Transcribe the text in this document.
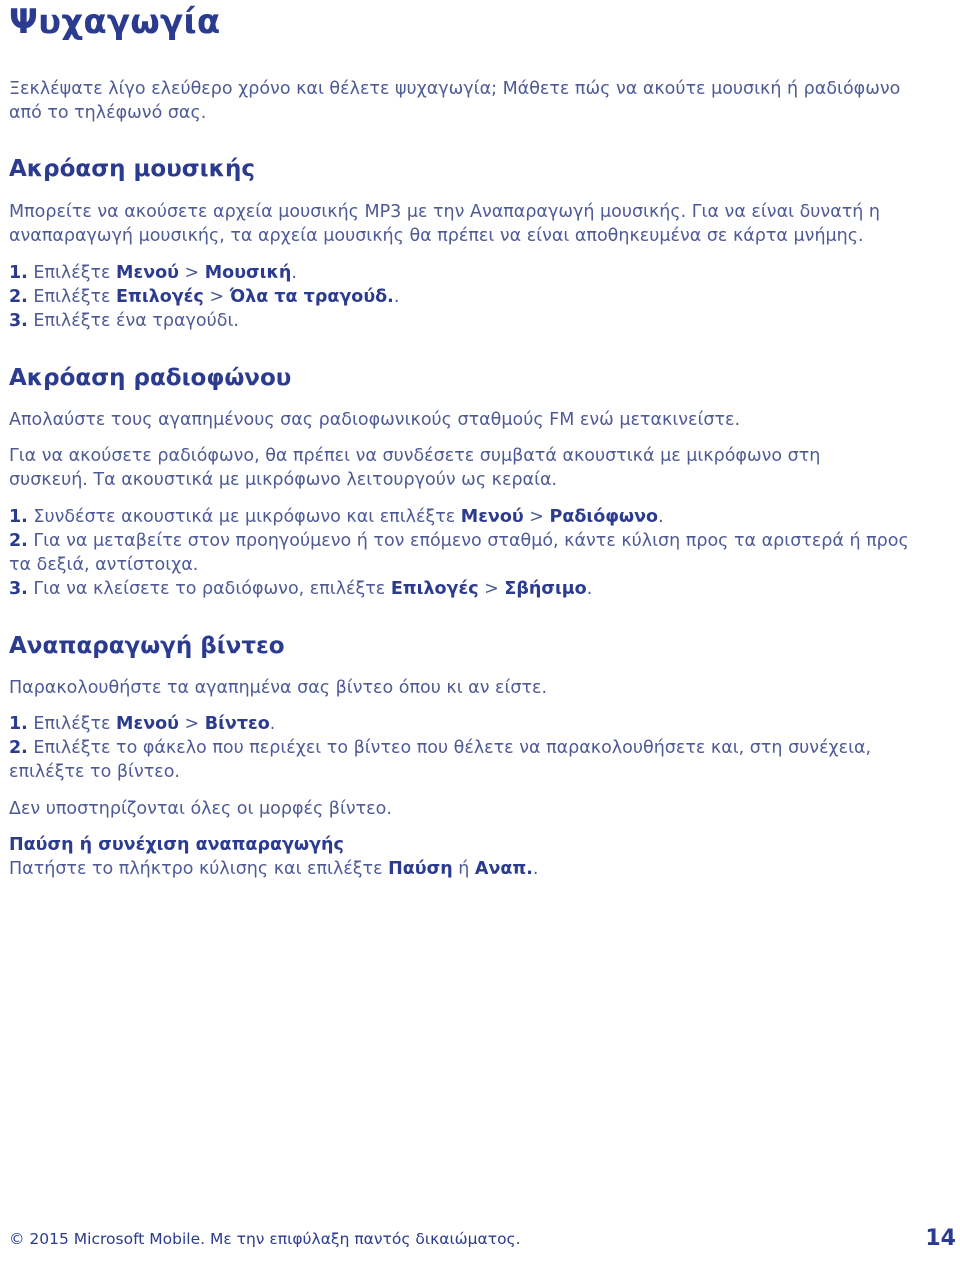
Ψυχαγωγία
Ξεκλέψατε λίγο ελεύθερο χρόνο και θέλετε ψυχαγωγία; Μάθετε πώς να ακούτε μουσική ή ραδιόφωνο
από το τηλέφωνό σας.
Ακρόαση μουσικής
Μπορείτε να ακούσετε αρχεία μουσικής MP3 με την Αναπαραγωγή μουσικής. Για να είναι δυνατή η
αναπαραγωγή μουσικής, τα αρχεία μουσικής θα πρέπει να είναι αποθηκευμένα σε κάρτα μνήμης.
1. Επιλέξτε Μενού > Μουσική.
2. Επιλέξτε Επιλογές > Όλα τα τραγούδ..
3. Επιλέξτε ένα τραγούδι.
Ακρόαση ραδιοφώνου
Απολαύστε τους αγαπημένους σας ραδιοφωνικούς σταθμούς FM ενώ μετακινείστε.
Για να ακούσετε ραδιόφωνο, θα πρέπει να συνδέσετε συμβατά ακουστικά με μικρόφωνο στη
συσκευή. Τα ακουστικά με μικρόφωνο λειτουργούν ως κεραία.
1. Συνδέστε ακουστικά με μικρόφωνο και επιλέξτε Μενού > Ραδιόφωνο.
2. Για να μεταβείτε στον προηγούμενο ή τον επόμενο σταθμό, κάντε κύλιση προς τα αριστερά ή προς
τα δεξιά, αντίστοιχα.
3. Για να κλείσετε το ραδιόφωνο, επιλέξτε Επιλογές > Σβήσιμο.
Αναπαραγωγή βίντεο
Παρακολουθήστε τα αγαπημένα σας βίντεο όπου κι αν είστε.
1. Επιλέξτε Μενού > Βίντεο.
2. Επιλέξτε το φάκελο που περιέχει το βίντεο που θέλετε να παρακολουθήσετε και, στη συνέχεια,
επιλέξτε το βίντεο.
Δεν υποστηρίζονται όλες οι μορφές βίντεο.
Παύση ή συνέχιση αναπαραγωγής
Πατήστε το πλήκτρο κύλισης και επιλέξτε Παύση ή Αναπ..
© 2015 Microsoft Mobile. Με την επιφύλαξη παντός δικαιώματος.	14
